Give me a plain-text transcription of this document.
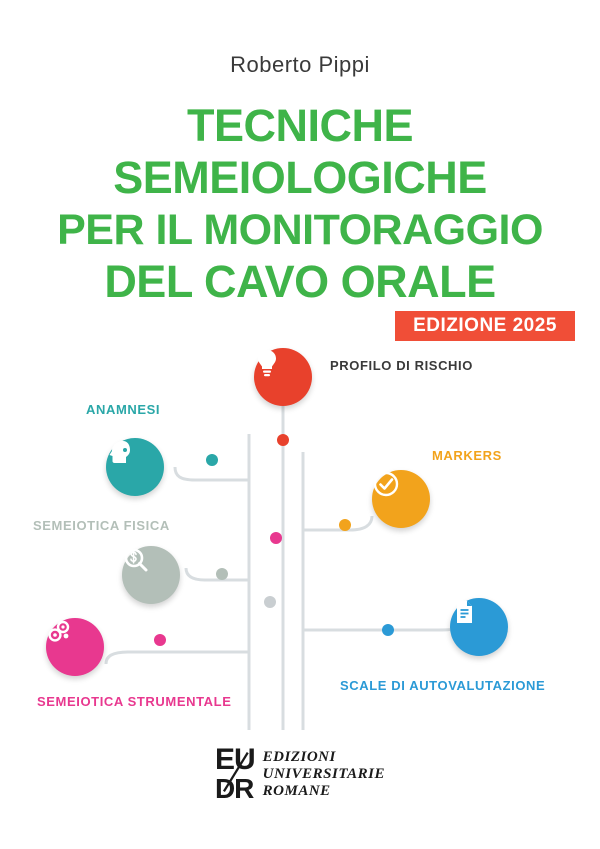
Roberto Pippi
TECNICHE
SEMEIOLOGICHE
PER IL MONITORAGGIO
DEL CAVO ORALE
EDIZIONE 2025
PROFILO DI RISCHIO
ANAMNESI
SEMEIOTICA FISICA
SEMEIOTICA STRUMENTALE
MARKERS
SCALE DI AUTOVALUTAZIONE
EU
DR
EDIZIONI
UNIVERSITARIE
ROMANE
